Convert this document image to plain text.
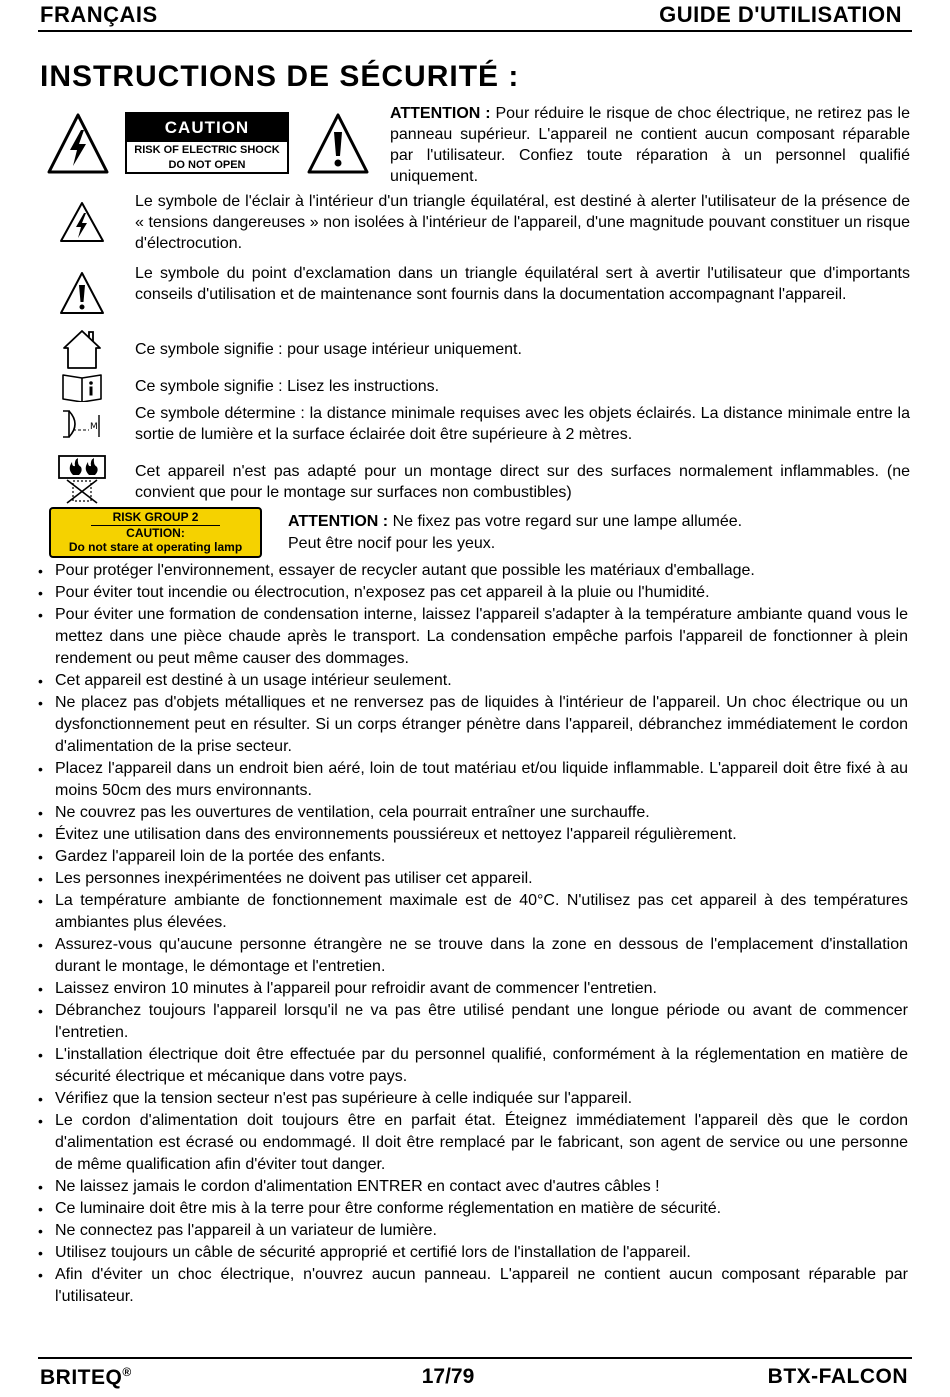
FRANÇAIS	GUIDE D'UTILISATION
INSTRUCTIONS DE SÉCURITÉ :
CAUTION
RISK OF ELECTRIC SHOCK
DO NOT OPEN
ATTENTION : Pour réduire le risque de choc électrique, ne retirez pas le panneau supérieur. L'appareil ne contient aucun composant réparable par l'utilisateur. Confiez toute réparation à un personnel qualifié uniquement.
Le symbole de l'éclair à l'intérieur d'un triangle équilatéral, est destiné à alerter l'utilisateur de la présence de « tensions dangereuses » non isolées à l'intérieur de l'appareil, d'une magnitude pouvant constituer un risque d'électrocution.
Le symbole du point d'exclamation dans un triangle équilatéral sert à avertir l'utilisateur que d'importants conseils d'utilisation et de maintenance sont fournis dans la documentation accompagnant l'appareil.
Ce symbole signifie : pour usage intérieur uniquement.
Ce symbole signifie : Lisez les instructions.
M
Ce symbole détermine : la distance minimale requises avec les objets éclairés. La distance minimale entre la sortie de lumière et la surface éclairée doit être supérieure à 2 mètres.
Cet appareil n'est pas adapté pour un montage direct sur des surfaces normalement inflammables. (ne convient que pour le montage sur surfaces non combustibles)
RISK GROUP 2
CAUTION:
Do not stare at operating lamp
ATTENTION : Ne fixez pas votre regard sur une lampe allumée.
Peut être nocif pour les yeux.
• Pour protéger l'environnement, essayer de recycler autant que possible les matériaux d'emballage.
• Pour éviter tout incendie ou électrocution, n'exposez pas cet appareil à la pluie ou l'humidité.
• Pour éviter une formation de condensation interne, laissez l'appareil s'adapter à la température ambiante quand vous le mettez dans une pièce chaude après le transport. La condensation empêche parfois l'appareil de fonctionner à plein rendement ou peut même causer des dommages.
• Cet appareil est destiné à un usage intérieur seulement.
• Ne placez pas d'objets métalliques et ne renversez pas de liquides à l'intérieur de l'appareil. Un choc électrique ou un dysfonctionnement peut en résulter. Si un corps étranger pénètre dans l'appareil, débranchez immédiatement le cordon d'alimentation de la prise secteur.
• Placez l'appareil dans un endroit bien aéré, loin de tout matériau et/ou liquide inflammable. L'appareil doit être fixé à au moins 50cm des murs environnants.
• Ne couvrez pas les ouvertures de ventilation, cela pourrait entraîner une surchauffe.
• Évitez une utilisation dans des environnements poussiéreux et nettoyez l'appareil régulièrement.
• Gardez l'appareil loin de la portée des enfants.
• Les personnes inexpérimentées ne doivent pas utiliser cet appareil.
• La température ambiante de fonctionnement maximale est de 40°C. N'utilisez pas cet appareil à des températures ambiantes plus élevées.
• Assurez-vous qu'aucune personne étrangère ne se trouve dans la zone en dessous de l'emplacement d'installation durant le montage, le démontage et l'entretien.
• Laissez environ 10 minutes à l'appareil pour refroidir avant de commencer l'entretien.
• Débranchez toujours l'appareil lorsqu'il ne va pas être utilisé pendant une longue période ou avant de commencer l'entretien.
• L'installation électrique doit être effectuée par du personnel qualifié, conformément à la réglementation en matière de sécurité électrique et mécanique dans votre pays.
• Vérifiez que la tension secteur n'est pas supérieure à celle indiquée sur l'appareil.
• Le cordon d'alimentation doit toujours être en parfait état. Éteignez immédiatement l'appareil dès que le cordon d'alimentation est écrasé ou endommagé. Il doit être remplacé par le fabricant, son agent de service ou une personne de même qualification afin d'éviter tout danger.
• Ne laissez jamais le cordon d'alimentation ENTRER en contact avec d'autres câbles !
• Ce luminaire doit être mis à la terre pour être conforme réglementation en matière de sécurité.
• Ne connectez pas l'appareil à un variateur de lumière.
• Utilisez toujours un câble de sécurité approprié et certifié lors de l'installation de l'appareil.
• Afin d'éviter un choc électrique, n'ouvrez aucun panneau. L'appareil ne contient aucun composant réparable par l'utilisateur.
BRITEQ®	17/79	BTX-FALCON
